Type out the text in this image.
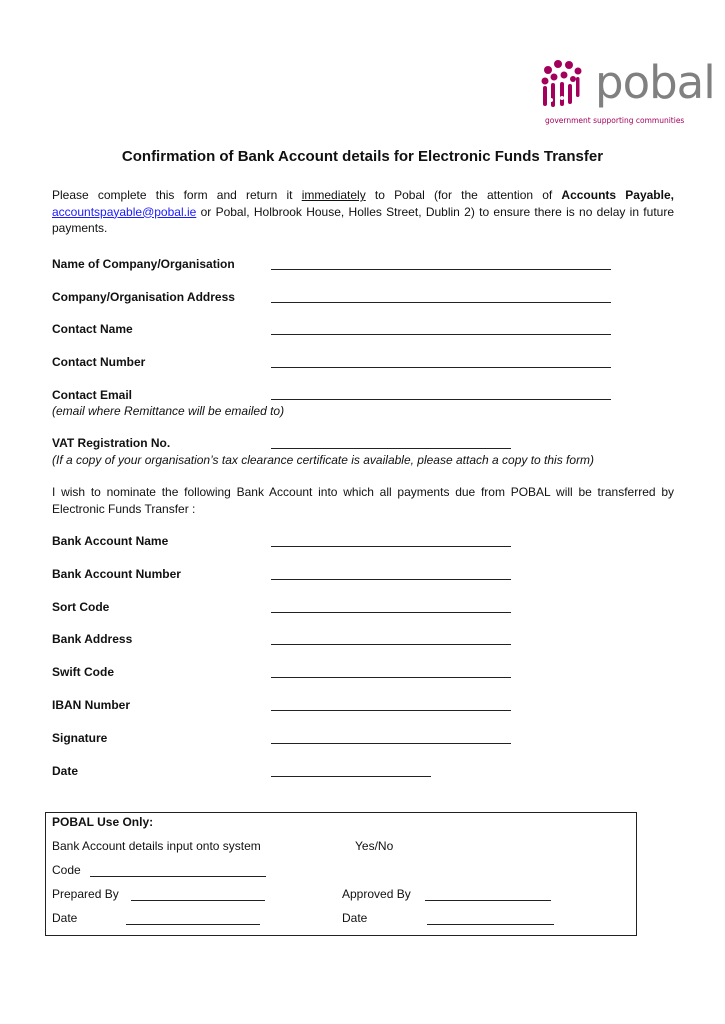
pobal
government supporting communities
Confirmation of Bank Account details for Electronic Funds Transfer

Please complete this form and return it immediately to Pobal (for the attention of Accounts Payable, accountspayable@pobal.ie or Pobal, Holbrook House, Holles Street, Dublin 2) to ensure there is no delay in future payments.

Name of Company/Organisation
Company/Organisation Address
Contact Name
Contact Number
Contact Email
(email where Remittance will be emailed to)
VAT Registration No.
(If a copy of your organisation’s tax clearance certificate is available, please attach a copy to this form)

I wish to nominate the following Bank Account into which all payments due from POBAL will be transferred by Electronic Funds Transfer :

Bank Account Name
Bank Account Number
Sort Code
Bank Address
Swift Code
IBAN Number
Signature
Date
POBAL Use Only:
Bank Account details input onto system	Yes/No
Code
Prepared By	Approved By
Date	Date
